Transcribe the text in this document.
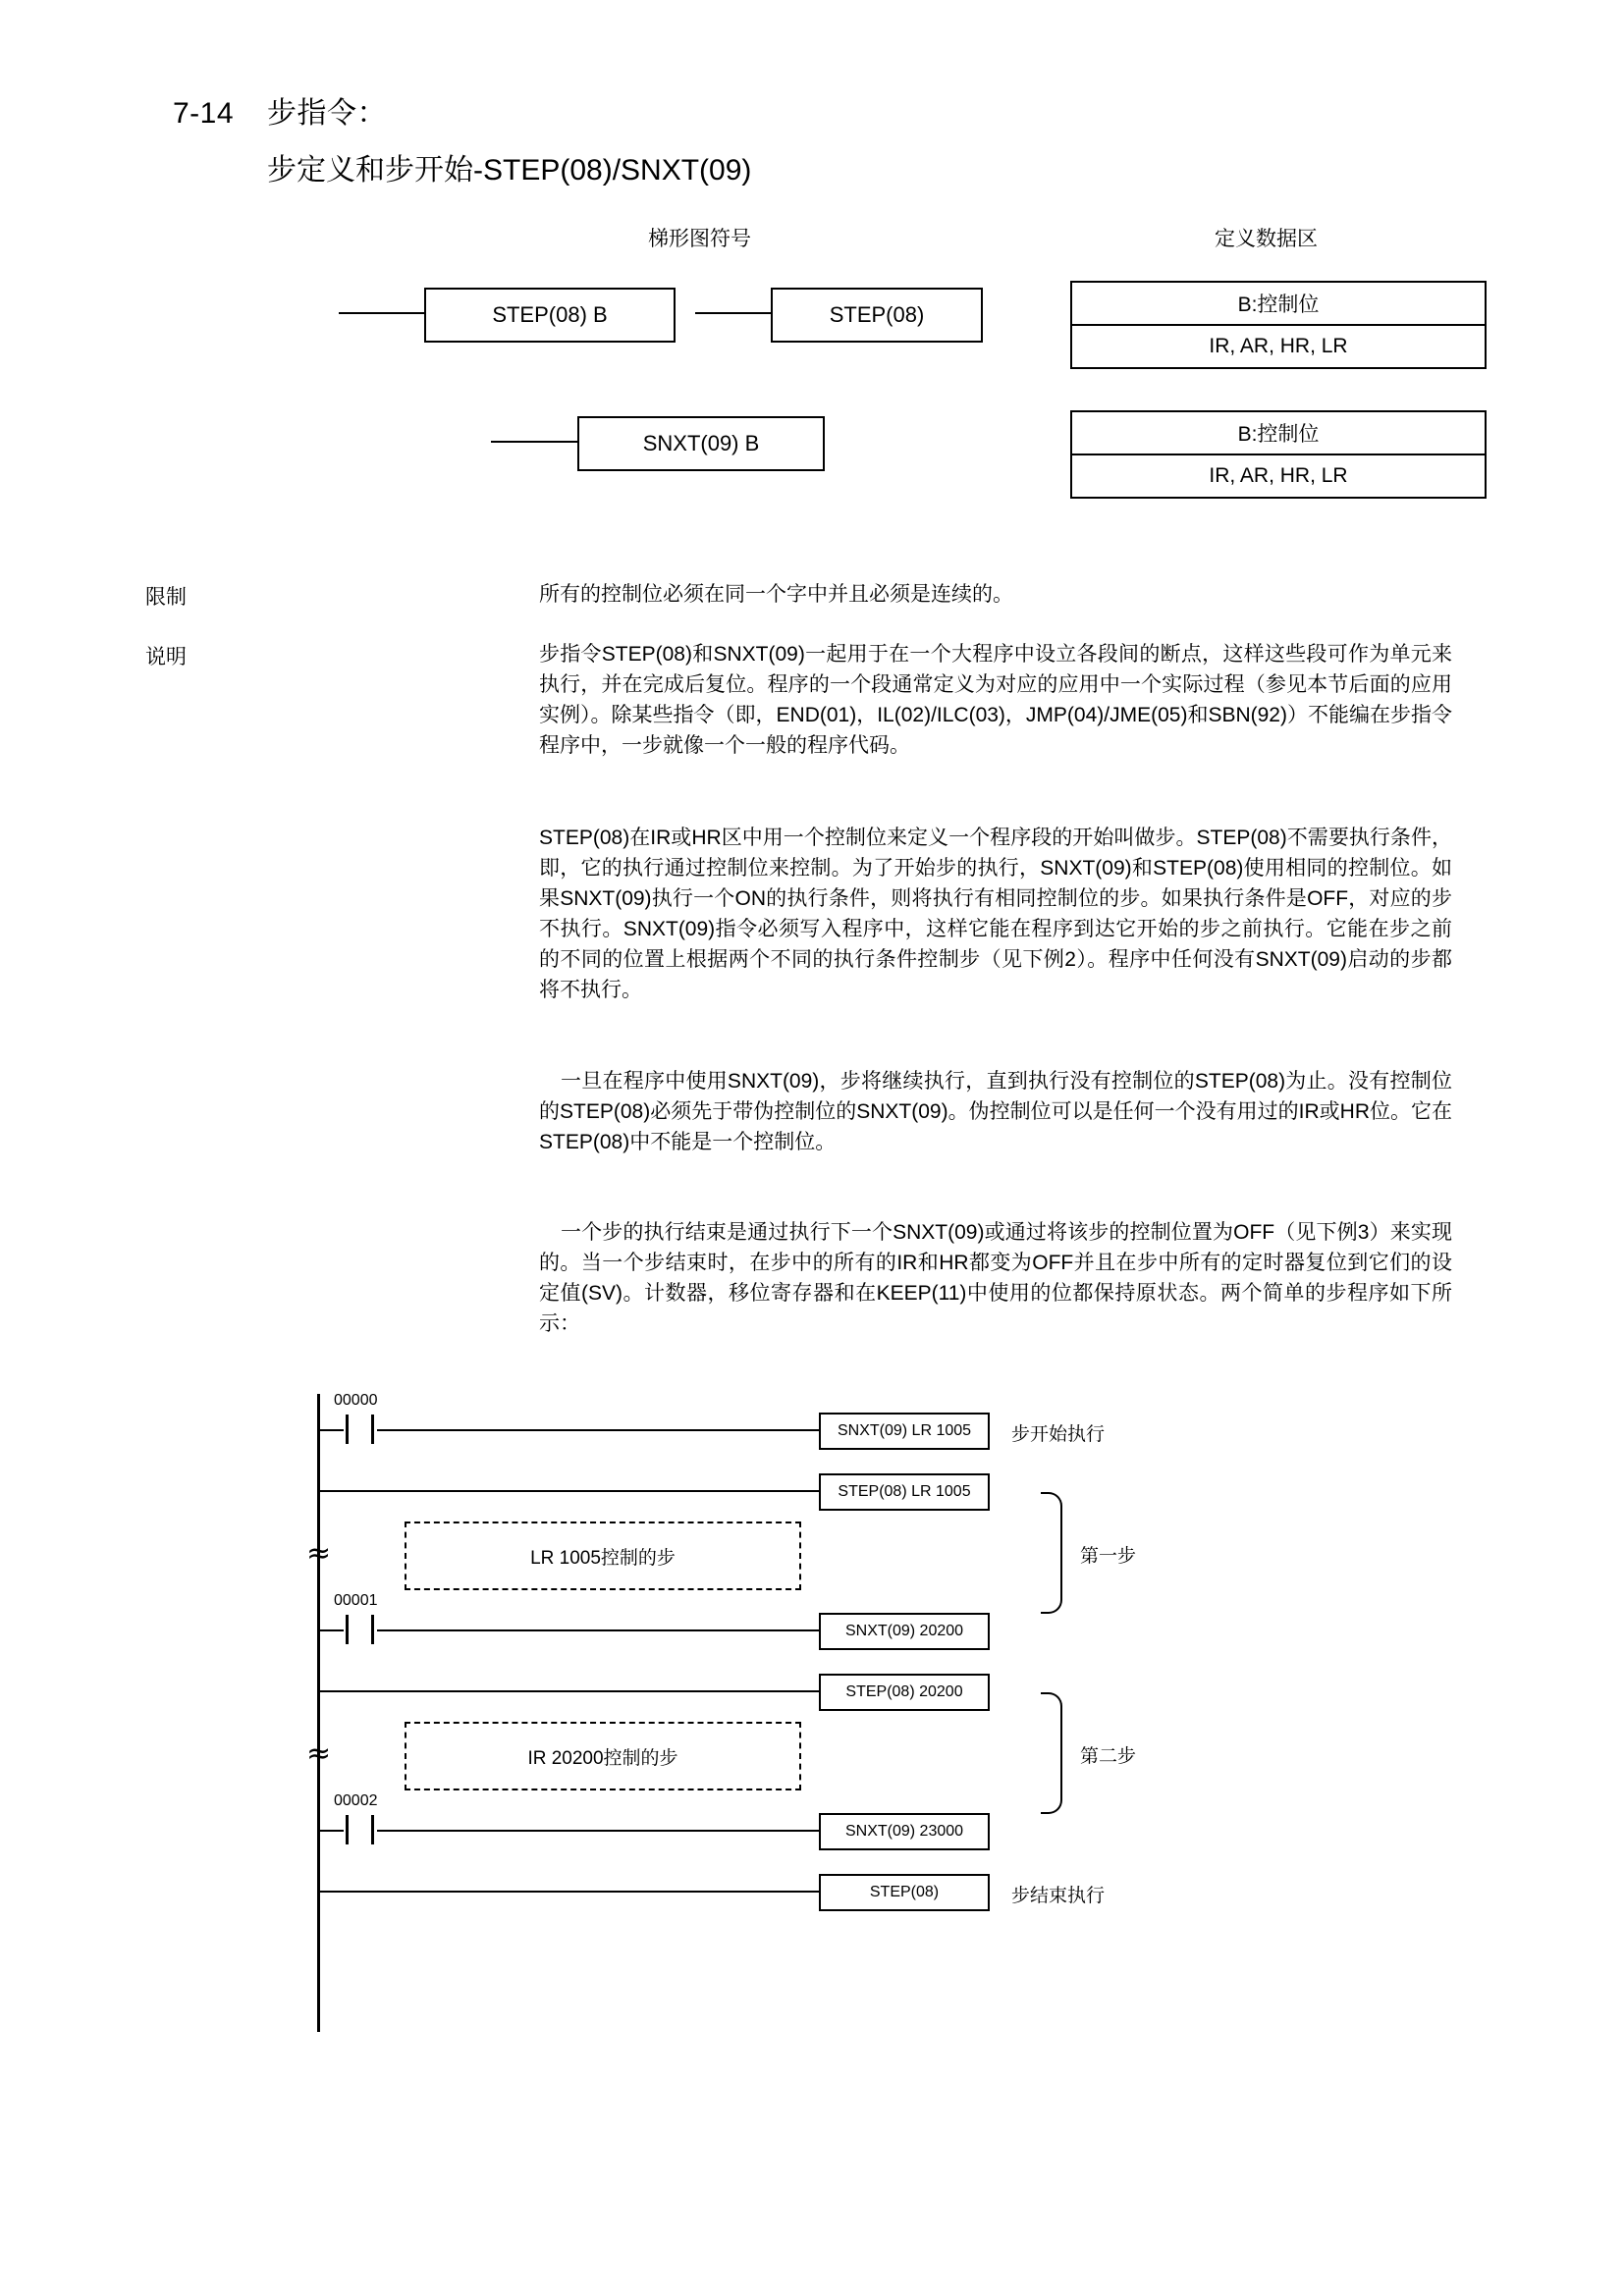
7-14 步指令：
步定义和步开始-STEP(08)/SNXT(09)
梯形图符号	定义数据区
STEP(08) B	STEP(08)
SNXT(09) B
B:控制位
IR, AR, HR, LR
B:控制位
IR, AR, HR, LR
限制	所有的控制位必须在同一个字中并且必须是连续的。
说明	步指令STEP(08)和SNXT(09)一起用于在一个大程序中设立各段间的断点，这样这些段可作为单元来执行，并在完成后复位。程序的一个段通常定义为对应的应用中一个实际过程（参见本节后面的应用实例）。除某些指令（即，END(01)，IL(02)/ILC(03)，JMP(04)/JME(05)和SBN(92)）不能编在步指令程序中，一步就像一个一般的程序代码。
STEP(08)在IR或HR区中用一个控制位来定义一个程序段的开始叫做步。STEP(08)不需要执行条件，即，它的执行通过控制位来控制。为了开始步的执行，SNXT(09)和STEP(08)使用相同的控制位。如果SNXT(09)执行一个ON的执行条件，则将执行有相同控制位的步。如果执行条件是OFF，对应的步不执行。SNXT(09)指令必须写入程序中，这样它能在程序到达它开始的步之前执行。它能在步之前的不同的位置上根据两个不同的执行条件控制步（见下例2）。程序中任何没有SNXT(09)启动的步都将不执行。
一旦在程序中使用SNXT(09)，步将继续执行，直到执行没有控制位的STEP(08)为止。没有控制位的STEP(08)必须先于带伪控制位的SNXT(09)。伪控制位可以是任何一个没有用过的IR或HR位。它在STEP(08)中不能是一个控制位。
一个步的执行结束是通过执行下一个SNXT(09)或通过将该步的控制位置为OFF（见下例3）来实现的。当一个步结束时，在步中的所有的IR和HR都变为OFF并且在步中所有的定时器复位到它们的设定值(SV)。计数器，移位寄存器和在KEEP(11)中使用的位都保持原状态。两个简单的步程序如下所示：
00000
SNXT(09) LR 1005	步开始执行
STEP(08) LR 1005
≈	LR 1005控制的步	第一步
00001
SNXT(09) 20200
STEP(08) 20200
≈	IR 20200控制的步	第二步
00002
SNXT(09) 23000
STEP(08)	步结束执行
